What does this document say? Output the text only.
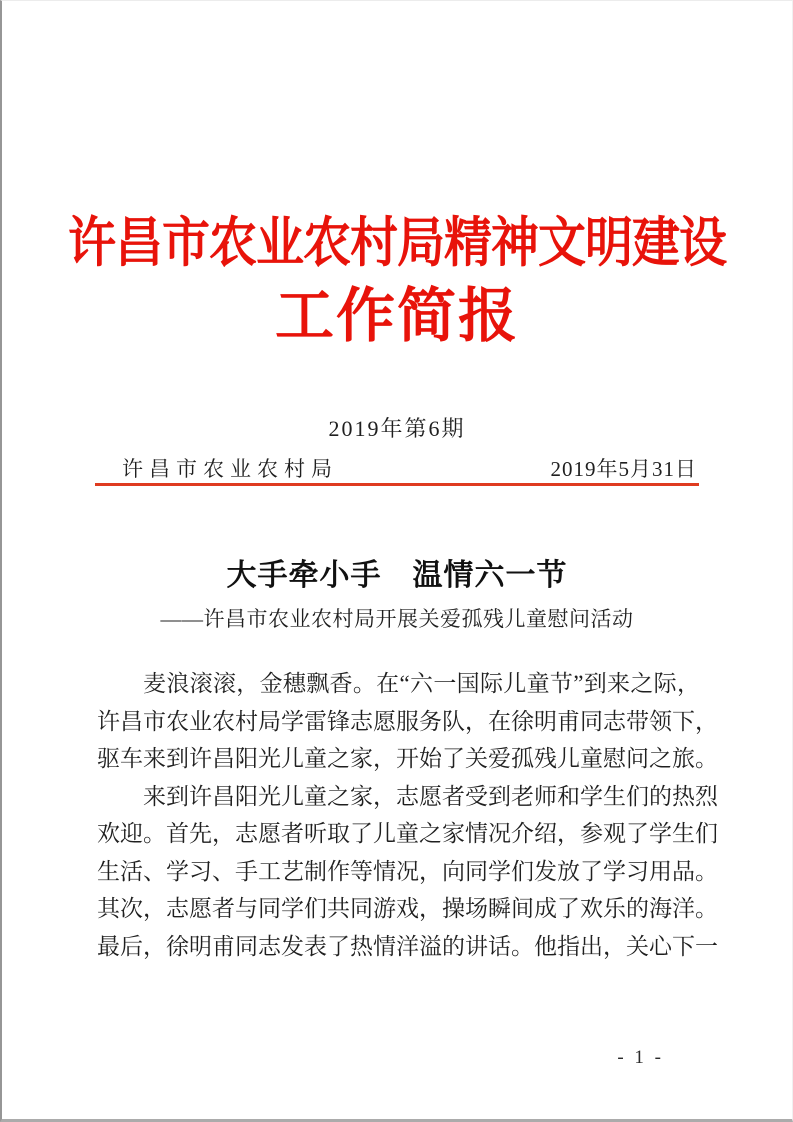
许昌市农业农村局精神文明建设
工作简报
2019年第6期
许昌市农业农村局	2019年5月31日
大手牵小手　温情六一节
——许昌市农业农村局开展关爱孤残儿童慰问活动
麦浪滚滚，金穗飘香。在“六一国际儿童节”到来之际，
许昌市农业农村局学雷锋志愿服务队，在徐明甫同志带领下，
驱车来到许昌阳光儿童之家，开始了关爱孤残儿童慰问之旅。
来到许昌阳光儿童之家，志愿者受到老师和学生们的热烈
欢迎。首先，志愿者听取了儿童之家情况介绍，参观了学生们
生活、学习、手工艺制作等情况，向同学们发放了学习用品。
其次，志愿者与同学们共同游戏，操场瞬间成了欢乐的海洋。
最后，徐明甫同志发表了热情洋溢的讲话。他指出，关心下一
- 1 -
